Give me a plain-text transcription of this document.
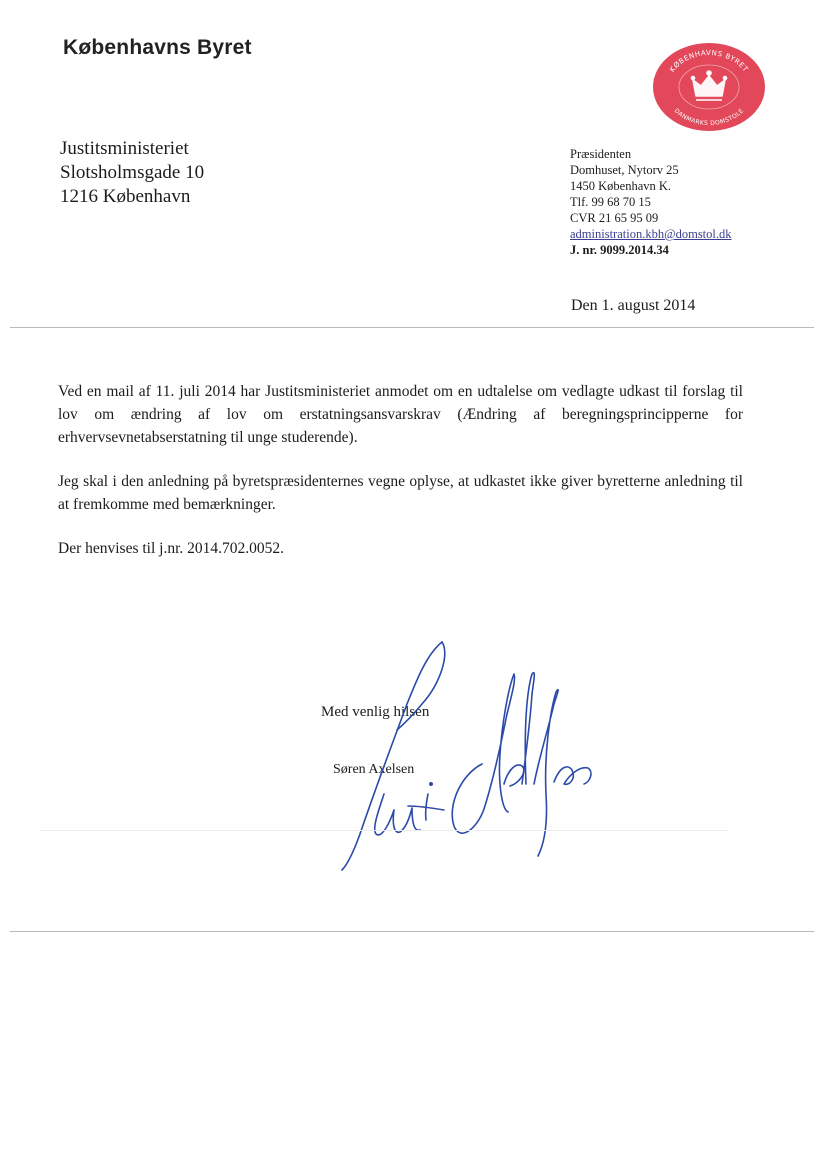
Københavns Byret
KØBENHAVNS BYRET
DANMARKS DOMSTOLE
Justitsministeriet
Slotsholmsgade 10
1216 København
Præsidenten
Domhuset, Nytorv 25
1450 København K.
Tlf. 99 68 70 15
CVR 21 65 95 09
administration.kbh@domstol.dk
J. nr. 9099.2014.34
Den 1. august 2014

Ved en mail af 11. juli 2014 har Justitsministeriet anmodet om en udtalelse om vedlagte udkast til forslag til lov om ændring af lov om erstatningsansvarskrav (Ændring af beregningsprincipperne for erhvervsevnetabserstatning til unge studerende).

Jeg skal i den anledning på byretspræsidenternes vegne oplyse, at udkastet ikke giver byretterne anledning til at fremkomme med bemærkninger.

Der henvises til j.nr. 2014.702.0052.

Med venlig hilsen
Søren Axelsen
